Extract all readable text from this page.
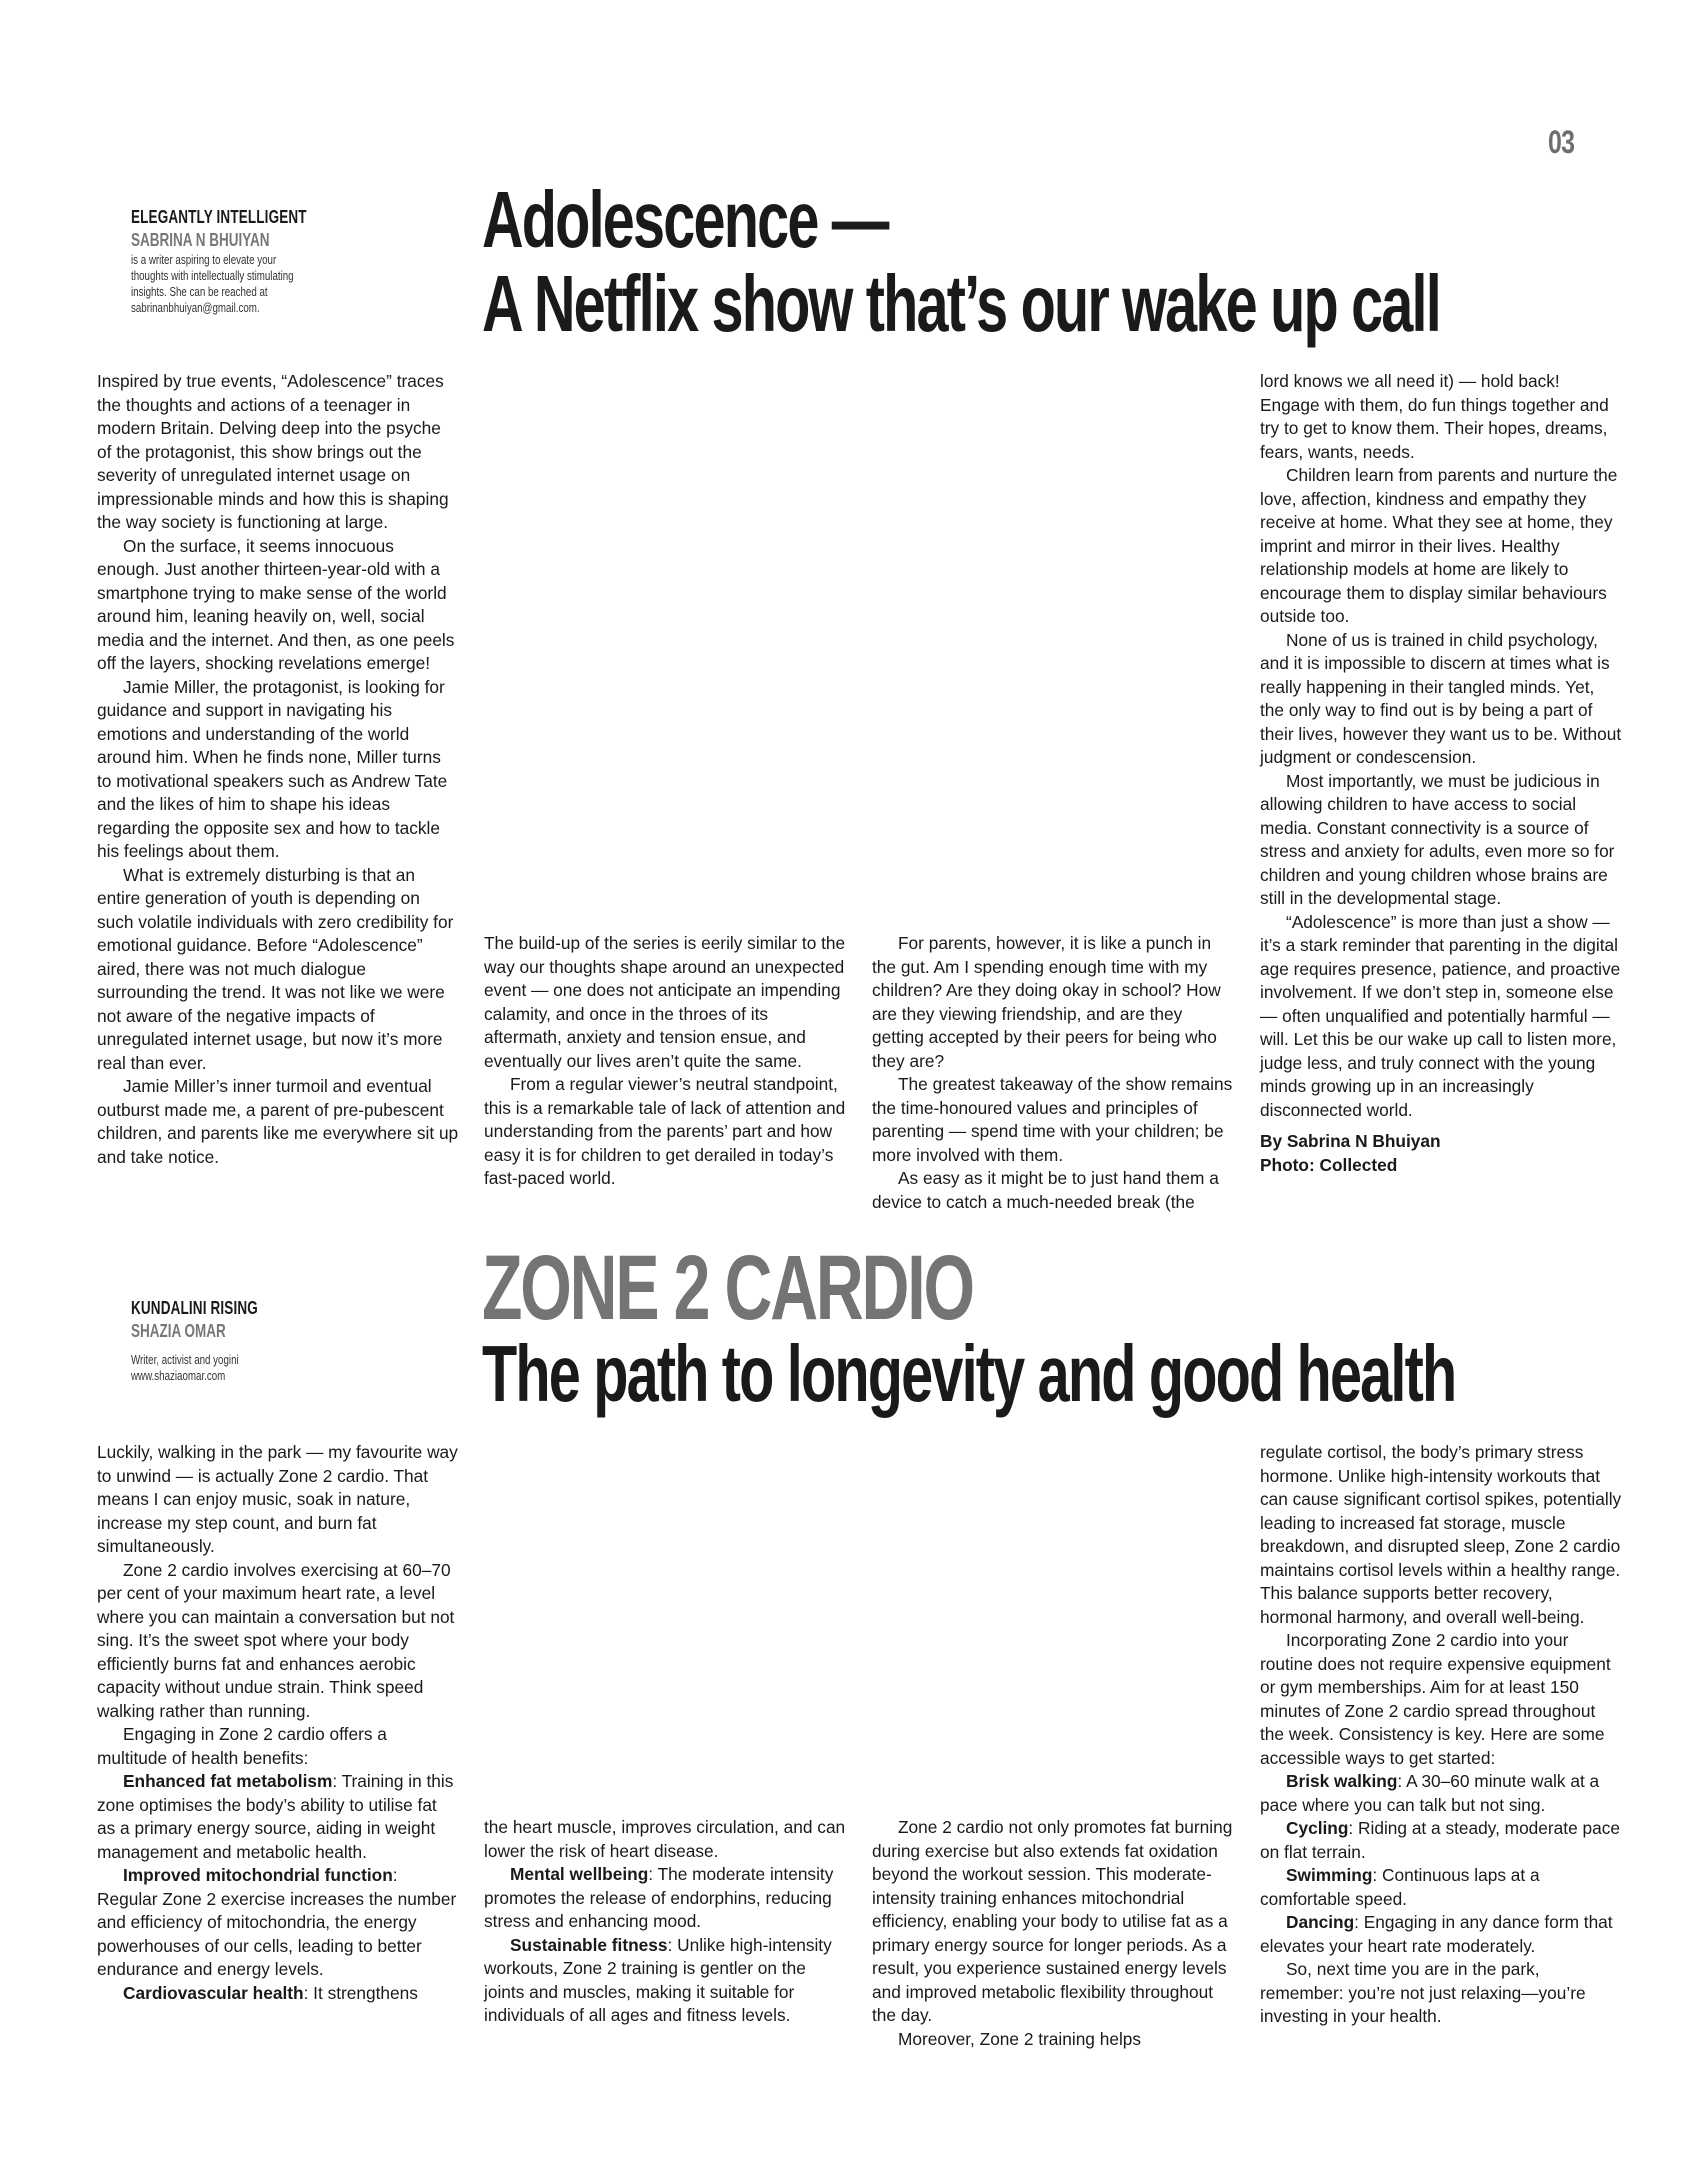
03
ELEGANTLY INTELLIGENT
SABRINA N BHUIYAN
is a writer aspiring to elevate your thoughts with intellectually stimulating insights. She can be reached at sabrinanbhuiyan@gmail.com.
Adolescence —
A Netflix show that’s our wake up call

Inspired by true events, “Adolescence” traces the thoughts and actions of a teenager in modern Britain. Delving deep into the psyche of the protagonist, this show brings out the severity of unregulated internet usage on impressionable minds and how this is shaping the way society is functioning at large.

On the surface, it seems innocuous enough. Just another thirteen-year-old with a smartphone trying to make sense of the world around him, leaning heavily on, well, social media and the internet. And then, as one peels off the layers, shocking revelations emerge!

Jamie Miller, the protagonist, is looking for guidance and support in navigating his emotions and understanding of the world around him. When he finds none, Miller turns to motivational speakers such as Andrew Tate and the likes of him to shape his ideas regarding the opposite sex and how to tackle his feelings about them.

What is extremely disturbing is that an entire generation of youth is depending on such volatile individuals with zero credibility for emotional guidance. Before “Adolescence” aired, there was not much dialogue surrounding the trend. It was not like we were not aware of the negative impacts of unregulated internet usage, but now it’s more real than ever.

Jamie Miller’s inner turmoil and eventual outburst made me, a parent of pre-pubescent children, and parents like me everywhere sit up and take notice.

The build-up of the series is eerily similar to the way our thoughts shape around an unexpected event — one does not anticipate an impending calamity, and once in the throes of its aftermath, anxiety and tension ensue, and eventually our lives aren’t quite the same.

From a regular viewer’s neutral standpoint, this is a remarkable tale of lack of attention and understanding from the parents’ part and how easy it is for children to get derailed in today’s fast-paced world.

For parents, however, it is like a punch in the gut. Am I spending enough time with my children? Are they doing okay in school? How are they viewing friendship, and are they getting accepted by their peers for being who they are?

The greatest takeaway of the show remains the time-honoured values and principles of parenting — spend time with your children; be more involved with them.

As easy as it might be to just hand them a device to catch a much-needed break (the

lord knows we all need it) — hold back! Engage with them, do fun things together and try to get to know them. Their hopes, dreams, fears, wants, needs.

Children learn from parents and nurture the love, affection, kindness and empathy they receive at home. What they see at home, they imprint and mirror in their lives. Healthy relationship models at home are likely to encourage them to display similar behaviours outside too.

None of us is trained in child psychology, and it is impossible to discern at times what is really happening in their tangled minds. Yet, the only way to find out is by being a part of their lives, however they want us to be. Without judgment or condescension.

Most importantly, we must be judicious in allowing children to have access to social media. Constant connectivity is a source of stress and anxiety for adults, even more so for children and young children whose brains are still in the developmental stage.

“Adolescence” is more than just a show — it’s a stark reminder that parenting in the digital age requires presence, patience, and proactive involvement. If we don’t step in, someone else — often unqualified and potentially harmful — will. Let this be our wake up call to listen more, judge less, and truly connect with the young minds growing up in an increasingly disconnected world.

By Sabrina N Bhuiyan

Photo: Collected

KUNDALINI RISING
SHAZIA OMAR
Writer, activist and yogini www.shaziaomar.com
ZONE 2 CARDIO
The path to longevity and good health

Luckily, walking in the park — my favourite way to unwind — is actually Zone 2 cardio. That means I can enjoy music, soak in nature, increase my step count, and burn fat simultaneously.

Zone 2 cardio involves exercising at 60–70 per cent of your maximum heart rate, a level where you can maintain a conversation but not sing. It’s the sweet spot where your body efficiently burns fat and enhances aerobic capacity without undue strain. Think speed walking rather than running.

Engaging in Zone 2 cardio offers a multitude of health benefits:

Enhanced fat metabolism: Training in this zone optimises the body’s ability to utilise fat as a primary energy source, aiding in weight management and metabolic health.

Improved mitochondrial function: Regular Zone 2 exercise increases the number and efficiency of mitochondria, the energy powerhouses of our cells, leading to better endurance and energy levels.

Cardiovascular health: It strengthens

the heart muscle, improves circulation, and can lower the risk of heart disease.

Mental wellbeing: The moderate intensity promotes the release of endorphins, reducing stress and enhancing mood.

Sustainable fitness: Unlike high-intensity workouts, Zone 2 training is gentler on the joints and muscles, making it suitable for individuals of all ages and fitness levels.

Zone 2 cardio not only promotes fat burning during exercise but also extends fat oxidation beyond the workout session. This moderate-intensity training enhances mitochondrial efficiency, enabling your body to utilise fat as a primary energy source for longer periods. As a result, you experience sustained energy levels and improved metabolic flexibility throughout the day.

Moreover, Zone 2 training helps

regulate cortisol, the body’s primary stress hormone. Unlike high-intensity workouts that can cause significant cortisol spikes, potentially leading to increased fat storage, muscle breakdown, and disrupted sleep, Zone 2 cardio maintains cortisol levels within a healthy range. This balance supports better recovery, hormonal harmony, and overall well-being.

Incorporating Zone 2 cardio into your routine does not require expensive equipment or gym memberships. Aim for at least 150 minutes of Zone 2 cardio spread throughout the week. Consistency is key. Here are some accessible ways to get started:

Brisk walking: A 30–60 minute walk at a pace where you can talk but not sing.

Cycling: Riding at a steady, moderate pace on flat terrain.

Swimming: Continuous laps at a comfortable speed.

Dancing: Engaging in any dance form that elevates your heart rate moderately.

So, next time you are in the park, remember: you’re not just relaxing—you’re investing in your health.
